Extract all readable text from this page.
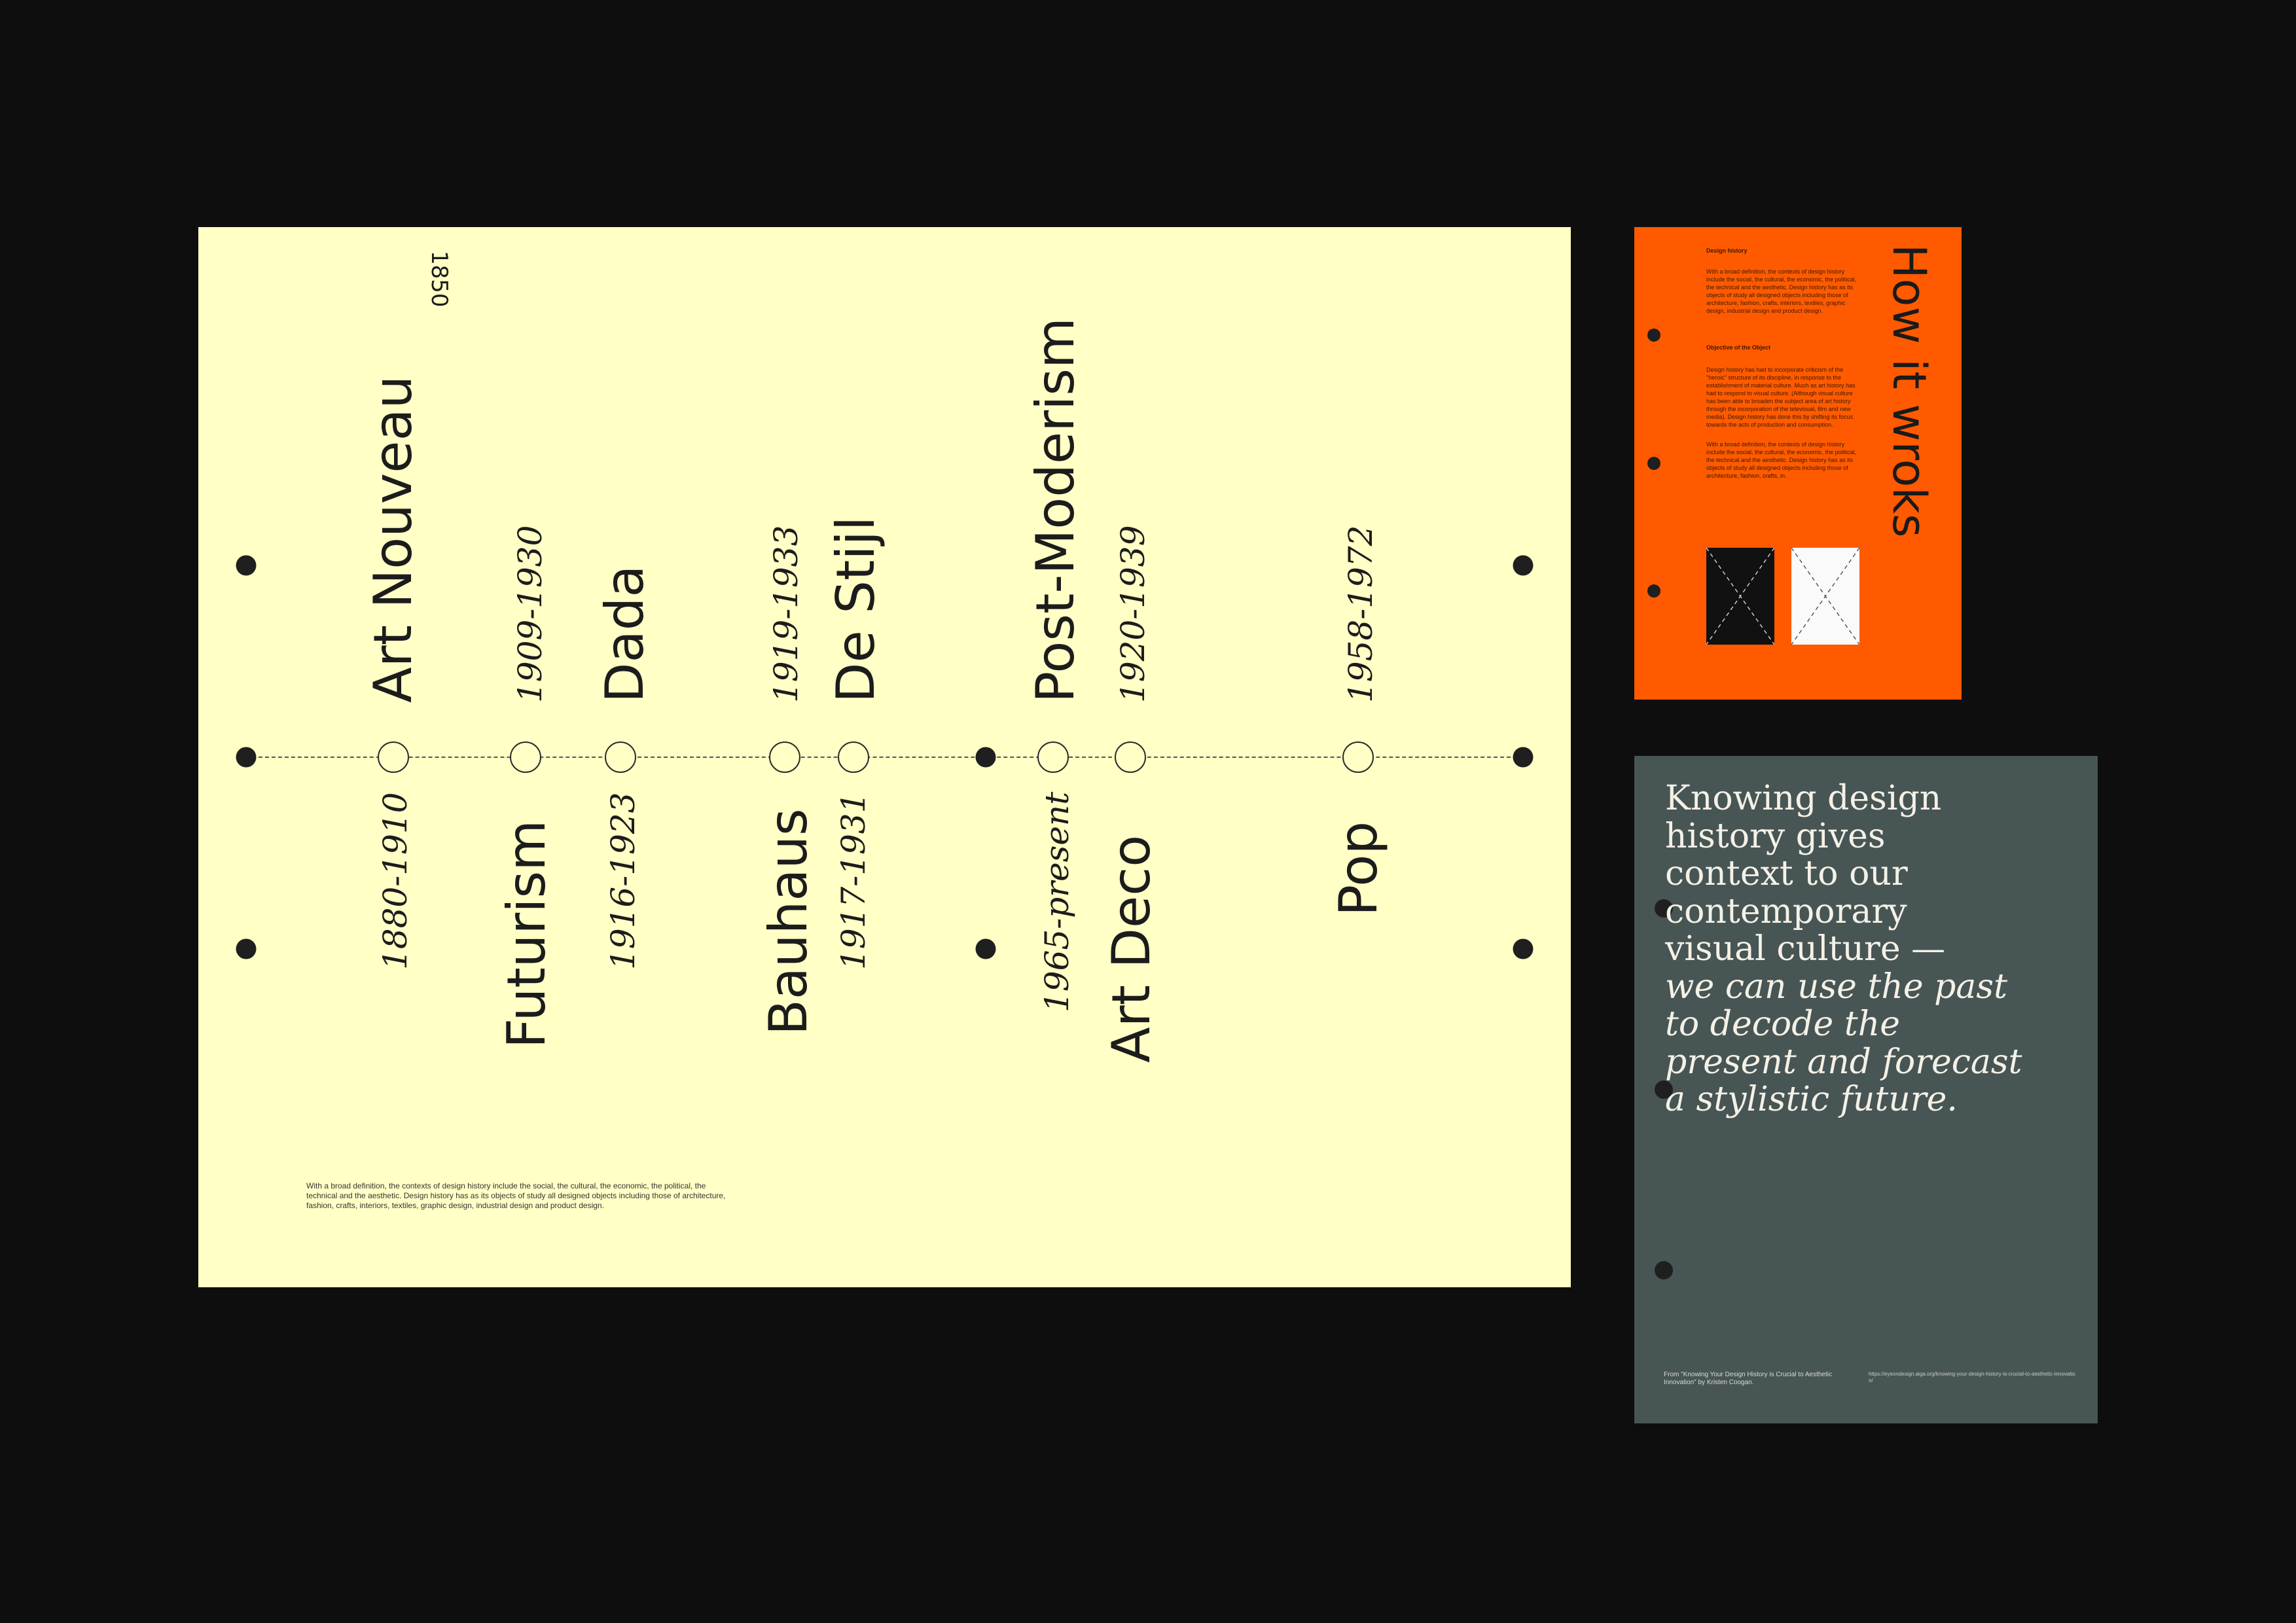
1850
Art Nouveau	1909-1930 Dada	1919-1933 De Stijl	Post-Moderism 1920-1939	1958-1972
1880-1910 Futurism 1916-1923 Bauhaus 1917-1931	1965-present Art Deco	Pop
With a broad definition, the contexts of design history include the social, the cultural, the economic, the political, the technical and the aesthetic. Design history has as its objects of study all designed objects including those of architecture, fashion, crafts, interiors, textiles, graphic design, industrial design and product design.
How it wroks
Design history
With a broad definition, the contexts of design history include the social, the cultural, the economic, the political, the technical and the aesthetic. Design history has as its objects of study all designed objects including those of architecture, fashion, crafts, interiors, textiles, graphic design, industrial design and product design.
Objective of the Object
Design history has had to incorporate criticism of the "heroic" structure of its discipline, in response to the establishment of material culture. Much as art history has had to respond to visual culture. (Although visual culture has been able to broaden the subject area of art history through the incorporation of the televisual, film and new media). Design history has done this by shifting its focus towards the acts of production and consumption.
With a broad definition, the contexts of design history include the social, the cultural, the economic, the political, the technical and the aesthetic. Design history has as its objects of study all designed objects including those of architecture, fashion, crafts, in.
Knowing design
history gives
context to our
contemporary
visual culture —
we can use the past
to decode the
present and forecast
a stylistic future.
From "Knowing Your Design History is Crucial to Aesthetic Innovation" by Kristen Coogan.
https://eyeondesign.aiga.org/knowing-your-design-history-is-crucial-to-aesthetic-innovation/
